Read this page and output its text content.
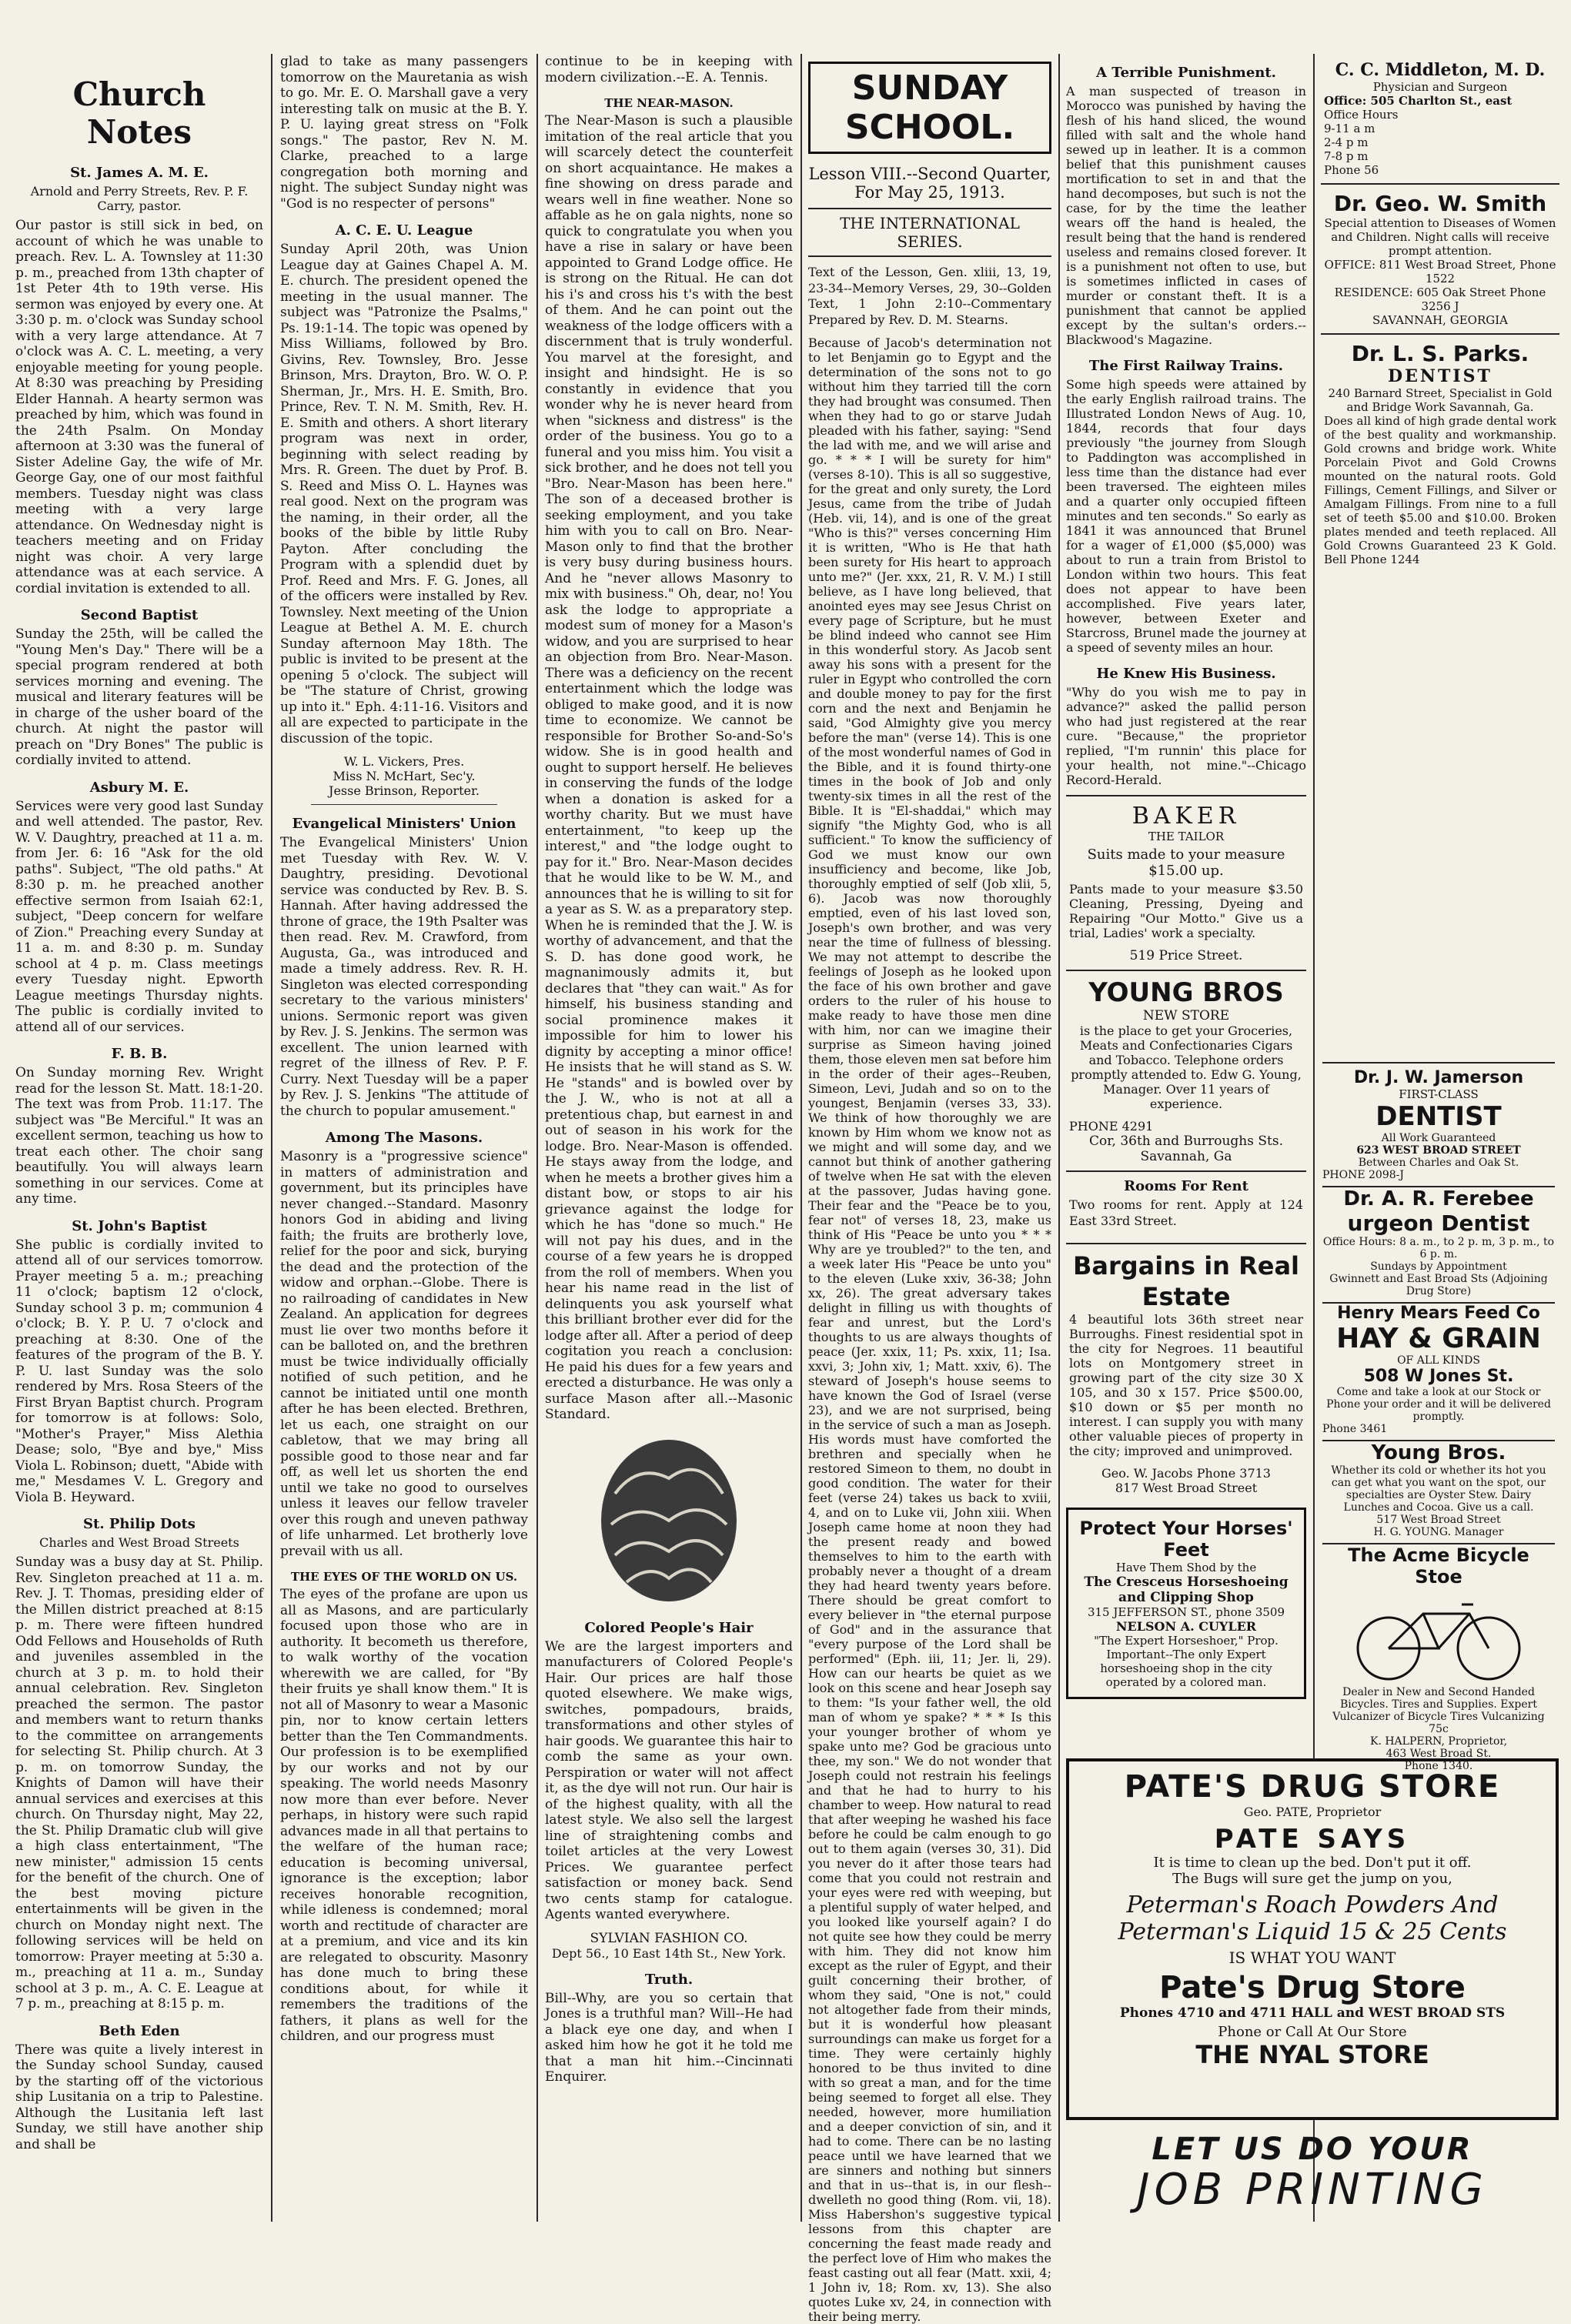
Church Notes
St. James A. M. E.
Arnold and Perry Streets, Rev. P. F. Carry, pastor.

Our pastor is still sick in bed, on account of which he was unable to preach. Rev. L. A. Townsley at 11:30 p. m., preached from 13th chapter of 1st Peter 4th to 19th verse. His sermon was enjoyed by every one. At 3:30 p. m. o'clock was Sunday school with a very large attendance. At 7 o'clock was A. C. L. meeting, a very enjoyable meeting for young people. At 8:30 was preaching by Presiding Elder Hannah. A hearty sermon was preached by him, which was found in the 24th Psalm. On Monday afternoon at 3:30 was the funeral of Sister Adeline Gay, the wife of Mr. George Gay, one of our most faithful members. Tuesday night was class meeting with a very large attendance. On Wednesday night is teachers meeting and on Friday night was choir. A very large attendance was at each service. A cordial invitation is extended to all.

Second Baptist

Sunday the 25th, will be called the "Young Men's Day." There will be a special program rendered at both services morning and evening. The musical and literary features will be in charge of the usher board of the church. At night the pastor will preach on "Dry Bones" The public is cordially invited to attend.

Asbury M. E.

Services were very good last Sunday and well attended. The pastor, Rev. W. V. Daughtry, preached at 11 a. m. from Jer. 6: 16 "Ask for the old paths". Subject, "The old paths." At 8:30 p. m. he preached another effective sermon from Isaiah 62:1, subject, "Deep concern for welfare of Zion." Preaching every Sunday at 11 a. m. and 8:30 p. m. Sunday school at 4 p. m. Class meetings every Tuesday night. Epworth League meetings Thursday nights. The public is cordially invited to attend all of our services.

F. B. B.

On Sunday morning Rev. Wright read for the lesson St. Matt. 18:1-20. The text was from Prob. 11:17. The subject was "Be Merciful." It was an excellent sermon, teaching us how to treat each other. The choir sang beautifully. You will always learn something in our services. Come at any time.

St. John's Baptist

She public is cordially invited to attend all of our services tomorrow. Prayer meeting 5 a. m.; preaching 11 o'clock; baptism 12 o'clock, Sunday school 3 p. m; communion 4 o'clock; B. Y. P. U. 7 o'clock and preaching at 8:30. One of the features of the program of the B. Y. P. U. last Sunday was the solo rendered by Mrs. Rosa Steers of the First Bryan Baptist church. Program for tomorrow is at follows: Solo, "Mother's Prayer," Miss Alethia Dease; solo, "Bye and bye," Miss Viola L. Robinson; duett, "Abide with me," Mesdames V. L. Gregory and Viola B. Heyward.

St. Philip Dots
Charles and West Broad Streets

Sunday was a busy day at St. Philip. Rev. Singleton preached at 11 a. m. Rev. J. T. Thomas, presiding elder of the Millen district preached at 8:15 p. m. There were fifteen hundred Odd Fellows and Households of Ruth and juveniles assembled in the church at 3 p. m. to hold their annual celebration. Rev. Singleton preached the sermon. The pastor and members want to return thanks to the committee on arrangements for selecting St. Philip church. At 3 p. m. on tomorrow Sunday, the Knights of Damon will have their annual services and exercises at this church. On Thursday night, May 22, the St. Philip Dramatic club will give a high class entertainment, "The new minister," admission 15 cents for the benefit of the church. One of the best moving picture entertainments will be given in the church on Monday night next. The following services will be held on tomorrow: Prayer meeting at 5:30 a. m., preaching at 11 a. m., Sunday school at 3 p. m., A. C. E. League at 7 p. m., preaching at 8:15 p. m.

Beth Eden

There was quite a lively interest in the Sunday school Sunday, caused by the starting off of the victorious ship Lusitania on a trip to Palestine. Although the Lusitania left last Sunday, we still have another ship and shall be

glad to take as many passengers tomorrow on the Mauretania as wish to go. Mr. E. O. Marshall gave a very interesting talk on music at the B. Y. P. U. laying great stress on "Folk songs." The pastor, Rev N. M. Clarke, preached to a large congregation both morning and night. The subject Sunday night was "God is no respecter of persons"

A. C. E. U. League

Sunday April 20th, was Union League day at Gaines Chapel A. M. E. church. The president opened the meeting in the usual manner. The subject was "Patronize the Psalms," Ps. 19:1-14. The topic was opened by Miss Williams, followed by Bro. Givins, Rev. Townsley, Bro. Jesse Brinson, Mrs. Drayton, Bro. W. O. P. Sherman, Jr., Mrs. H. E. Smith, Bro. Prince, Rev. T. N. M. Smith, Rev. H. E. Smith and others. A short literary program was next in order, beginning with select reading by Mrs. R. Green. The duet by Prof. B. S. Reed and Miss O. L. Haynes was real good. Next on the program was the naming, in their order, all the books of the bible by little Ruby Payton. After concluding the Program with a splendid duet by Prof. Reed and Mrs. F. G. Jones, all of the officers were installed by Rev. Townsley. Next meeting of the Union League at Bethel A. M. E. church Sunday afternoon May 18th. The public is invited to be present at the opening 5 o'clock. The subject will be "The stature of Christ, growing up into it." Eph. 4:11-16. Visitors and all are expected to participate in the discussion of the topic.

W. L. Vickers, Pres.
Miss N. McHart, Sec'y.
Jesse Brinson, Reporter.
Evangelical Ministers' Union

The Evangelical Ministers' Union met Tuesday with Rev. W. V. Daughtry, presiding. Devotional service was conducted by Rev. B. S. Hannah. After having addressed the throne of grace, the 19th Psalter was then read. Rev. M. Crawford, from Augusta, Ga., was introduced and made a timely address. Rev. R. H. Singleton was elected corresponding secretary to the various ministers' unions. Sermonic report was given by Rev. J. S. Jenkins. The sermon was excellent. The union learned with regret of the illness of Rev. P. F. Curry. Next Tuesday will be a paper by Rev. J. S. Jenkins "The attitude of the church to popular amusement."

Among The Masons.

Masonry is a "progressive science" in matters of administration and government, but its principles have never changed.--Standard. Masonry honors God in abiding and living faith; the fruits are brotherly love, relief for the poor and sick, burying the dead and the protection of the widow and orphan.--Globe. There is no railroading of candidates in New Zealand. An application for degrees must lie over two months before it can be balloted on, and the brethren must be twice individually officially notified of such petition, and he cannot be initiated until one month after he has been elected. Brethren, let us each, one straight on our cabletow, that we may bring all possible good to those near and far off, as well let us shorten the end until we take no good to ourselves unless it leaves our fellow traveler over this rough and uneven pathway of life unharmed. Let brotherly love prevail with us all.

THE EYES OF THE WORLD ON US.

The eyes of the profane are upon us all as Masons, and are particularly focused upon those who are in authority. It becometh us therefore, to walk worthy of the vocation wherewith we are called, for "By their fruits ye shall know them." It is not all of Masonry to wear a Masonic pin, nor to know certain letters better than the Ten Commandments. Our profession is to be exemplified by our works and not by our speaking. The world needs Masonry now more than ever before. Never perhaps, in history were such rapid advances made in all that pertains to the welfare of the human race; education is becoming universal, ignorance is the exception; labor receives honorable recognition, while idleness is condemned; moral worth and rectitude of character are at a premium, and vice and its kin are relegated to obscurity. Masonry has done much to bring these conditions about, for while it remembers the traditions of the fathers, it plans as well for the children, and our progress must

continue to be in keeping with modern civilization.--E. A. Tennis.

THE NEAR-MASON.

The Near-Mason is such a plausible imitation of the real article that you will scarcely detect the counterfeit on short acquaintance. He makes a fine showing on dress parade and wears well in fine weather. None so affable as he on gala nights, none so quick to congratulate you when you have a rise in salary or have been appointed to Grand Lodge office. He is strong on the Ritual. He can dot his i's and cross his t's with the best of them. And he can point out the weakness of the lodge officers with a discernment that is truly wonderful. You marvel at the foresight, and insight and hindsight. He is so constantly in evidence that you wonder why he is never heard from when "sickness and distress" is the order of the business. You go to a funeral and you miss him. You visit a sick brother, and he does not tell you "Bro. Near-Mason has been here." The son of a deceased brother is seeking employment, and you take him with you to call on Bro. Near-Mason only to find that the brother is very busy during business hours. And he "never allows Masonry to mix with business." Oh, dear, no! You ask the lodge to appropriate a modest sum of money for a Mason's widow, and you are surprised to hear an objection from Bro. Near-Mason. There was a deficiency on the recent entertainment which the lodge was obliged to make good, and it is now time to economize. We cannot be responsible for Brother So-and-So's widow. She is in good health and ought to support herself. He believes in conserving the funds of the lodge when a donation is asked for a worthy charity. But we must have entertainment, "to keep up the interest," and "the lodge ought to pay for it." Bro. Near-Mason decides that he would like to be W. M., and announces that he is willing to sit for a year as S. W. as a preparatory step. When he is reminded that the J. W. is worthy of advancement, and that the S. D. has done good work, he magnanimously admits it, but declares that "they can wait." As for himself, his business standing and social prominence makes it impossible for him to lower his dignity by accepting a minor office! He insists that he will stand as S. W. He "stands" and is bowled over by the J. W., who is not at all a pretentious chap, but earnest in and out of season in his work for the lodge. Bro. Near-Mason is offended. He stays away from the lodge, and when he meets a brother gives him a distant bow, or stops to air his grievance against the lodge for which he has "done so much." He will not pay his dues, and in the course of a few years he is dropped from the roll of members. When you hear his name read in the list of delinquents you ask yourself what this brilliant brother ever did for the lodge after all. After a period of deep cogitation you reach a conclusion: He paid his dues for a few years and erected a disturbance. He was only a surface Mason after all.--Masonic Standard.

Colored People's Hair

We are the largest importers and manufacturers of Colored People's Hair. Our prices are half those quoted elsewhere. We make wigs, switches, pompadours, braids, transformations and other styles of hair goods. We guarantee this hair to comb the same as your own. Perspiration or water will not affect it, as the dye will not run. Our hair is of the highest quality, with all the latest style. We also sell the largest line of straightening combs and toilet articles at the very Lowest Prices. We guarantee perfect satisfaction or money back. Send two cents stamp for catalogue. Agents wanted everywhere.

SYLVIAN FASHION CO.
Dept 56., 10 East 14th St., New York.
Truth.

Bill--Why, are you so certain that Jones is a truthful man? Will--He had a black eye one day, and when I asked him how he got it he told me that a man hit him.--Cincinnati Enquirer.

SUNDAY SCHOOL.
Lesson VIII.--Second Quarter, For May 25, 1913.
THE INTERNATIONAL SERIES.

Text of the Lesson, Gen. xliii, 13, 19, 23-34--Memory Verses, 29, 30--Golden Text, 1 John 2:10--Commentary Prepared by Rev. D. M. Stearns.

Because of Jacob's determination not to let Benjamin go to Egypt and the determination of the sons not to go without him they tarried till the corn they had brought was consumed. Then when they had to go or starve Judah pleaded with his father, saying: "Send the lad with me, and we will arise and go. * * * I will be surety for him" (verses 8-10). This is all so suggestive, for the great and only surety, the Lord Jesus, came from the tribe of Judah (Heb. vii, 14), and is one of the great "Who is this?" verses concerning Him it is written, "Who is He that hath been surety for His heart to approach unto me?" (Jer. xxx, 21, R. V. M.) I still believe, as I have long believed, that anointed eyes may see Jesus Christ on every page of Scripture, but he must be blind indeed who cannot see Him in this wonderful story. As Jacob sent away his sons with a present for the ruler in Egypt who controlled the corn and double money to pay for the first corn and the next and Benjamin he said, "God Almighty give you mercy before the man" (verse 14). This is one of the most wonderful names of God in the Bible, and it is found thirty-one times in the book of Job and only twenty-six times in all the rest of the Bible. It is "El-shaddai," which may signify "the Mighty God, who is all sufficient." To know the sufficiency of God we must know our own insufficiency and become, like Job, thoroughly emptied of self (Job xlii, 5, 6). Jacob was now thoroughly emptied, even of his last loved son, Joseph's own brother, and was very near the time of fullness of blessing. We may not attempt to describe the feelings of Joseph as he looked upon the face of his own brother and gave orders to the ruler of his house to make ready to have those men dine with him, nor can we imagine their surprise as Simeon having joined them, those eleven men sat before him in the order of their ages--Reuben, Simeon, Levi, Judah and so on to the youngest, Benjamin (verses 33, 33). We think of how thoroughly we are known by Him whom we know not as we might and will some day, and we cannot but think of another gathering of twelve when He sat with the eleven at the passover, Judas having gone. Their fear and the "Peace be to you, fear not" of verses 18, 23, make us think of His "Peace be unto you * * * Why are ye troubled?" to the ten, and a week later His "Peace be unto you" to the eleven (Luke xxiv, 36-38; John xx, 26). The great adversary takes delight in filling us with thoughts of fear and unrest, but the Lord's thoughts to us are always thoughts of peace (Jer. xxix, 11; Ps. xxix, 11; Isa. xxvi, 3; John xiv, 1; Matt. xxiv, 6). The steward of Joseph's house seems to have known the God of Israel (verse 23), and we are not surprised, being in the service of such a man as Joseph. His words must have comforted the brethren and specially when he restored Simeon to them, no doubt in good condition. The water for their feet (verse 24) takes us back to xviii, 4, and on to Luke vii, John xiii. When Joseph came home at noon they had the present ready and bowed themselves to him to the earth with probably never a thought of a dream they had heard twenty years before. There should be great comfort to every believer in "the eternal purpose of God" and in the assurance that "every purpose of the Lord shall be performed" (Eph. iii, 11; Jer. li, 29). How can our hearts be quiet as we look on this scene and hear Joseph say to them: "Is your father well, the old man of whom ye spake? * * * Is this your younger brother of whom ye spake unto me? God be gracious unto thee, my son." We do not wonder that Joseph could not restrain his feelings and that he had to hurry to his chamber to weep. How natural to read that after weeping he washed his face before he could be calm enough to go out to them again (verses 30, 31). Did you never do it after those tears had come that you could not restrain and your eyes were red with weeping, but a plentiful supply of water helped, and you looked like yourself again? I do not quite see how they could be merry with him. They did not know him except as the ruler of Egypt, and their guilt concerning their brother, of whom they said, "One is not," could not altogether fade from their minds, but it is wonderful how pleasant surroundings can make us forget for a time. They were certainly highly honored to be thus invited to dine with so great a man, and for the time being seemed to forget all else. They needed, however, more humiliation and a deeper conviction of sin, and it had to come. There can be no lasting peace until we have learned that we are sinners and nothing but sinners and that in us--that is, in our flesh--dwelleth no good thing (Rom. vii, 18). Miss Habershon's suggestive typical lessons from this chapter are concerning the feast made ready and the perfect love of Him who makes the feast casting out all fear (Matt. xxii, 4; 1 John iv, 18; Rom. xv, 13). She also quotes Luke xv, 24, in connection with their being merry.

A Terrible Punishment.

A man suspected of treason in Morocco was punished by having the flesh of his hand sliced, the wound filled with salt and the whole hand sewed up in leather. It is a common belief that this punishment causes mortification to set in and that the hand decomposes, but such is not the case, for by the time the leather wears off the hand is healed, the result being that the hand is rendered useless and remains closed forever. It is a punishment not often to use, but is sometimes inflicted in cases of murder or constant theft. It is a punishment that cannot be applied except by the sultan's orders.--Blackwood's Magazine.

The First Railway Trains.

Some high speeds were attained by the early English railroad trains. The Illustrated London News of Aug. 10, 1844, records that four days previously "the journey from Slough to Paddington was accomplished in less time than the distance had ever been traversed. The eighteen miles and a quarter only occupied fifteen minutes and ten seconds." So early as 1841 it was announced that Brunel for a wager of £1,000 ($5,000) was about to run a train from Bristol to London within two hours. This feat does not appear to have been accomplished. Five years later, however, between Exeter and Starcross, Brunel made the journey at a speed of seventy miles an hour.

He Knew His Business.

"Why do you wish me to pay in advance?" asked the pallid person who had just registered at the rear cure. "Because," the proprietor replied, "I'm runnin' this place for your health, not mine."--Chicago Record-Herald.

BAKER
THE TAILOR
Suits made to your measure $15.00 up.

Pants made to your measure $3.50 Cleaning, Pressing, Dyeing and Repairing "Our Motto." Give us a trial, Ladies' work a specialty.

519 Price Street.
YOUNG BROS
NEW STORE

is the place to get your Groceries, Meats and Confectionaries Cigars and Tobacco. Telephone orders promptly attended to. Edw G. Young, Manager. Over 11 years of experience.

PHONE 4291
Cor, 36th and Burroughs Sts. Savannah, Ga
Rooms For Rent

Two rooms for rent. Apply at 124 East 33rd Street.

Bargains in Real Estate

4 beautiful lots 36th street near Burroughs. Finest residential spot in the city for Negroes. 11 beautiful lots on Montgomery street in growing part of the city size 30 X 105, and 30 x 157. Price $500.00, $10 down or $5 per month no interest. I can supply you with many other valuable pieces of property in the city; improved and unimproved.

Geo. W. Jacobs Phone 3713
817 West Broad Street
Protect Your Horses' Feet
Have Them Shod by the
The Cresceus Horseshoeing and Clipping Shop
315 JEFFERSON ST., phone 3509
NELSON A. CUYLER
"The Expert Horseshoer," Prop.
Important--The only Expert horseshoeing shop in the city operated by a colored man.
C. C. Middleton, M. D.
Physician and Surgeon
Office: 505 Charlton St., east
Office Hours
9-11 a m
2-4 p m
7-8 p m
Phone 56
Dr. Geo. W. Smith
Special attention to Diseases of Women and Children. Night calls will receive prompt attention.
OFFICE: 811 West Broad Street, Phone 1522
RESIDENCE: 605 Oak Street Phone 3256 J
SAVANNAH, GEORGIA
Dr. L. S. Parks.
DENTIST
240 Barnard Street, Specialist in Gold and Bridge Work Savannah, Ga.

Does all kind of high grade dental work of the best quality and workmanship. Gold crowns and bridge work. White Porcelain Pivot and Gold Crowns mounted on the natural roots. Gold Fillings, Cement Fillings, and Silver or Amalgam Fillings. From nine to a full set of teeth $5.00 and $10.00. Broken plates mended and teeth replaced. All Gold Crowns Guaranteed 23 K Gold. Bell Phone 1244

PATE'S DRUG STORE
Geo. PATE, Proprietor
PATE SAYS
It is time to clean up the bed. Don't put it off.
The Bugs will sure get the jump on you,
Peterman's Roach Powders And
Peterman's Liquid 15 & 25 Cents
IS WHAT YOU WANT
Pate's Drug Store
Phones 4710 and 4711 HALL and WEST BROAD STS
Phone or Call At Our Store
THE NYAL STORE
LET US DO YOUR
JOB PRINTING
Dr. J. W. Jamerson
FIRST-CLASS
DENTIST
All Work Guaranteed
623 WEST BROAD STREET
Between Charles and Oak St.
PHONE 2098-J
Dr. A. R. Ferebee
urgeon Dentist
Office Hours: 8 a. m., to 2 p. m, 3 p. m., to 6 p. m.
Sundays by Appointment
Gwinnett and East Broad Sts (Adjoining Drug Store)
Henry Mears Feed Co
HAY & GRAIN
OF ALL KINDS
508 W Jones St.
Come and take a look at our Stock or Phone your order and it will be delivered promptly.
Phone 3461
Young Bros.
Whether its cold or whether its hot you can get what you want on the spot, our specialties are Oyster Stew. Dairy Lunches and Cocoa. Give us a call.
517 West Broad Street
H. G. YOUNG. Manager
The Acme Bicycle Stoe
Dealer in New and Second Handed Bicycles. Tires and Supplies. Expert Vulcanizer of Bicycle Tires Vulcanizing 75c
K. HALPERN, Proprietor,
463 West Broad St.
Phone 1340.
